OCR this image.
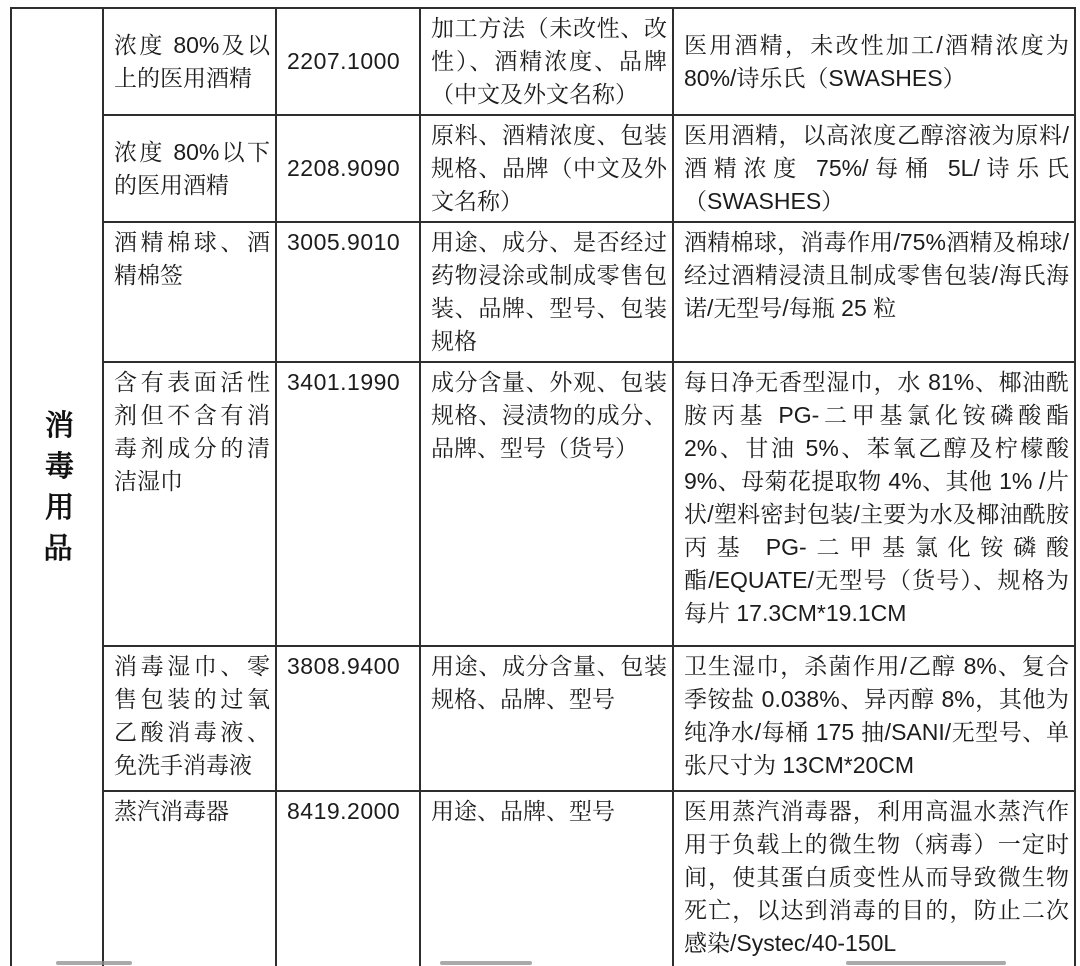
消毒用品	浓度 80%及以上的医用酒精	2207.1000	加工方法（未改性、改性）、酒精浓度、品牌（中文及外文名称）	医用酒精，未改性加工/酒精浓度为 80%/诗乐氏（SWASHES）
	浓度 80%以下的医用酒精	2208.9090	原料、酒精浓度、包装规格、品牌（中文及外文名称）	医用酒精，以高浓度乙醇溶液为原料/酒精浓度 75%/每桶 5L/诗乐氏（SWASHES）
	酒精棉球、酒精棉签	3005.9010	用途、成分、是否经过药物浸涂或制成零售包装、品牌、型号、包装规格	酒精棉球，消毒作用/75%酒精及棉球/经过酒精浸渍且制成零售包装/海氏海诺/无型号/每瓶 25 粒
	含有表面活性剂但不含有消毒剂成分的清洁湿巾	3401.1990	成分含量、外观、包装规格、浸渍物的成分、品牌、型号（货号）	每日净无香型湿巾，水 81%、椰油酰胺丙基 PG-二甲基氯化铵磷酸酯 2%、甘油 5%、苯氧乙醇及柠檬酸 9%、母菊花提取物 4%、其他 1% /片状/塑料密封包装/主要为水及椰油酰胺丙基 PG-二甲基氯化铵磷酸酯/EQUATE/无型号（货号）、规格为每片 17.3CM*19.1CM
	消毒湿巾、零售包装的过氧乙酸消毒液、免洗手消毒液	3808.9400	用途、成分含量、包装规格、品牌、型号	卫生湿巾，杀菌作用/乙醇 8%、复合季铵盐 0.038%、异丙醇 8%，其他为纯净水/每桶 175 抽/SANI/无型号、单张尺寸为 13CM*20CM
	蒸汽消毒器	8419.2000	用途、品牌、型号	医用蒸汽消毒器，利用高温水蒸汽作用于负载上的微生物（病毒）一定时间，使其蛋白质变性从而导致微生物死亡，以达到消毒的目的，防止二次感染/Systec/40-150L
